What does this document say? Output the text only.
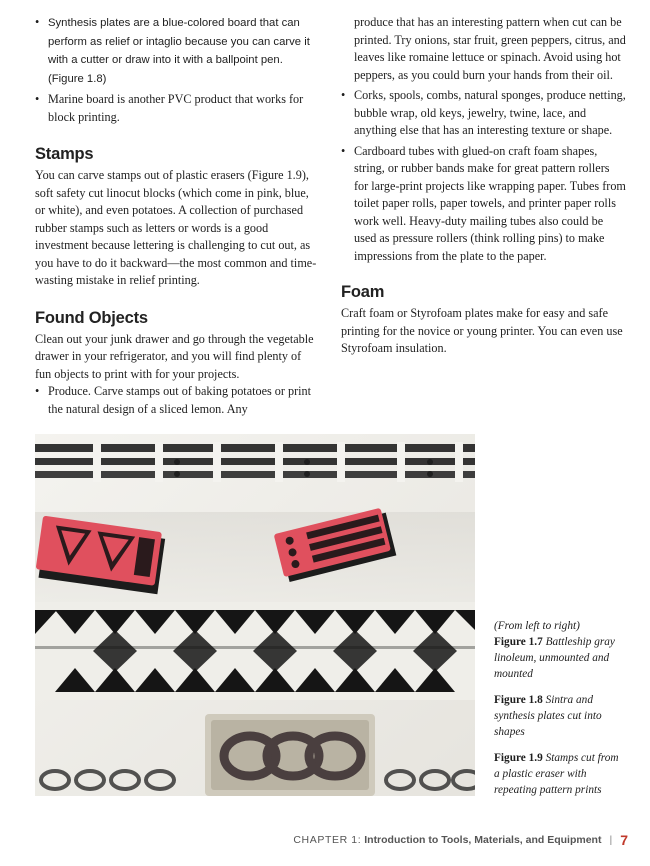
• Synthesis plates are a blue-colored board that can perform as relief or intaglio because you can carve it with a cutter or draw into it with a ballpoint pen. (Figure 1.8)
• Marine board is another PVC product that works for block printing.
Stamps

You can carve stamps out of plastic erasers (Figure 1.9), soft safety cut linocut blocks (which come in pink, blue, or white), and even potatoes. A collection of purchased rubber stamps such as letters or words is a good investment because lettering is challenging to cut out, as you have to do it backward—the most common and time-wasting mistake in relief printing.

Found Objects

Clean out your junk drawer and go through the vegetable drawer in your refrigerator, and you will find plenty of fun objects to print with for your projects.

• Produce. Carve stamps out of baking potatoes or print the natural design of a sliced lemon. Any
produce that has an interesting pattern when cut can be printed. Try onions, star fruit, green peppers, citrus, and leaves like romaine lettuce or spinach. Avoid using hot peppers, as you could burn your hands from their oil.
• Corks, spools, combs, natural sponges, produce netting, bubble wrap, old keys, jewelry, twine, lace, and anything else that has an interesting texture or shape.
• Cardboard tubes with glued-on craft foam shapes, string, or rubber bands make for great pattern rollers for large-print projects like wrapping paper. Tubes from toilet paper rolls, paper towels, and printer paper rolls work well. Heavy-duty mailing tubes also could be used as pressure rollers (think rolling pins) to make impressions from the plate to the paper.
Foam

Craft foam or Styrofoam plates make for easy and safe printing for the novice or young printer. You can even use Styrofoam insulation.

(From left to right)

Figure 1.7 Battleship gray linoleum, unmounted and mounted

Figure 1.8 Sintra and synthesis plates cut into shapes

Figure 1.9 Stamps cut from a plastic eraser with repeating pattern prints

CHAPTER 1: Introduction to Tools, Materials, and Equipment | 7
